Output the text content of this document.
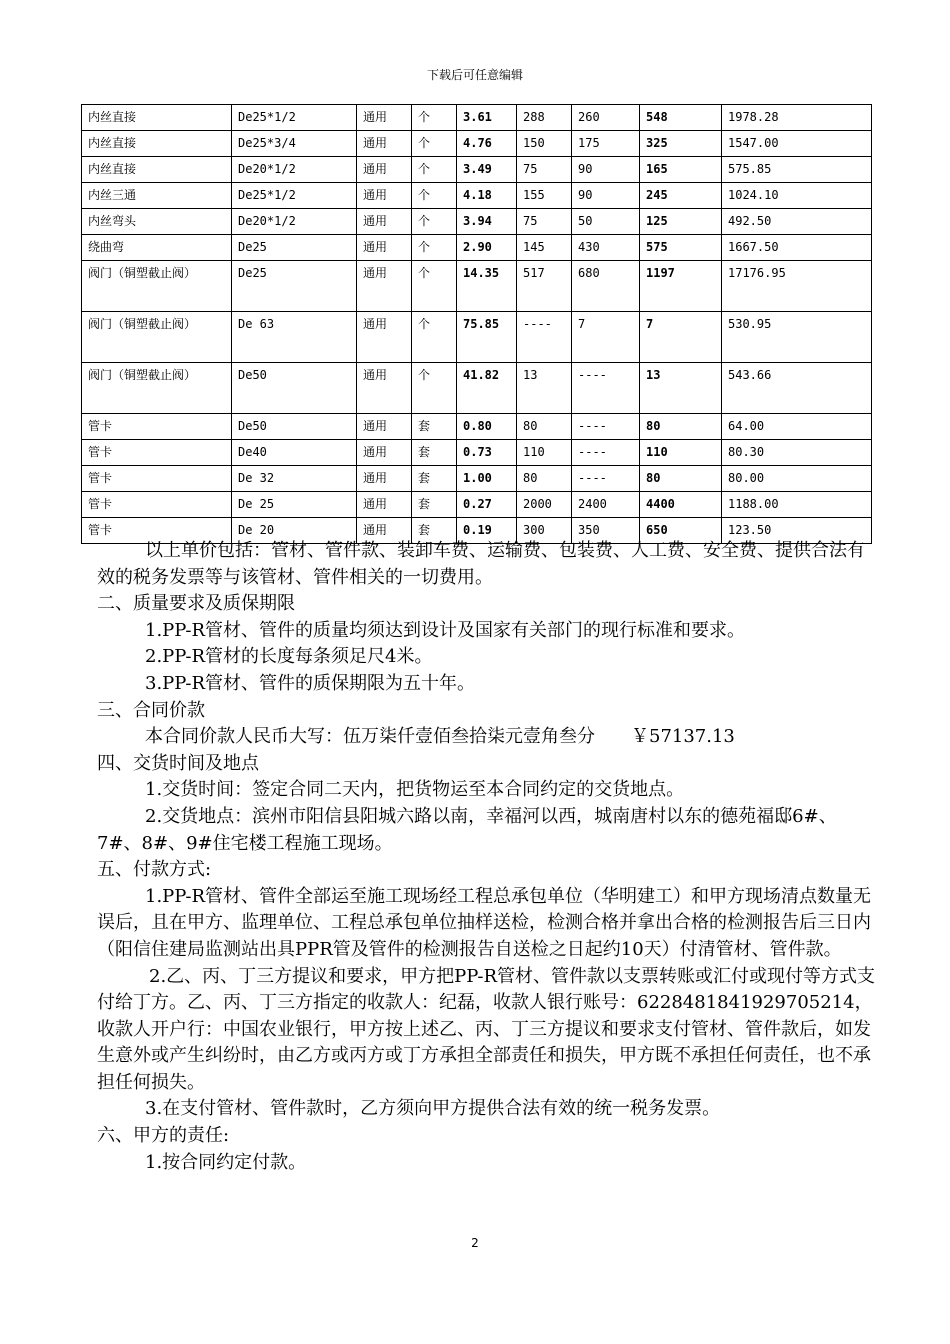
下载后可任意编辑
内丝直接	De25*1/2	通用	个	3.61	288	260	548	1978.28
内丝直接	De25*3/4	通用	个	4.76	150	175	325	1547.00
内丝直接	De20*1/2	通用	个	3.49	75	90	165	575.85
内丝三通	De25*1/2	通用	个	4.18	155	90	245	1024.10
内丝弯头	De20*1/2	通用	个	3.94	75	50	125	492.50
绕曲弯	De25	通用	个	2.90	145	430	575	1667.50
阀门（铜塑截止阀）	De25	通用	个	14.35	517	680	1197	17176.95
阀门（铜塑截止阀）	De 63	通用	个	75.85	----	7	7	530.95
阀门（铜塑截止阀）	De50	通用	个	41.82	13	----	13	543.66
管卡	De50	通用	套	0.80	80	----	80	64.00
管卡	De40	通用	套	0.73	110	----	110	80.30
管卡	De 32	通用	套	1.00	80	----	80	80.00
管卡	De 25	通用	套	0.27	2000	2400	4400	1188.00
管卡	De 20	通用	套	0.19	300	350	650	123.50

以上单价包括：管材、管件款、装卸车费、运输费、包装费、人工费、安全费、提供合法有效的税务发票等与该管材、管件相关的一切费用。

二、质量要求及质保期限

1.PP-R管材、管件的质量均须达到设计及国家有关部门的现行标准和要求。

2.PP-R管材的长度每条须足尺4米。

3.PP-R管材、管件的质保期限为五十年。

三、合同价款

本合同价款人民币大写：伍万柒仟壹佰叁拾柒元壹角叁分　　￥57137.13

四、交货时间及地点

1.交货时间：签定合同二天内，把货物运至本合同约定的交货地点。

2.交货地点：滨州市阳信县阳城六路以南，幸福河以西，城南唐村以东的德苑福邸6#、7#、8#、9#住宅楼工程施工现场。

五、付款方式:

1.PP-R管材、管件全部运至施工现场经工程总承包单位（华明建工）和甲方现场清点数量无误后，且在甲方、监理单位、工程总承包单位抽样送检，检测合格并拿出合格的检测报告后三日内（阳信住建局监测站出具PPR管及管件的检测报告自送检之日起约10天）付清管材、管件款。

2.乙、丙、丁三方提议和要求，甲方把PP-R管材、管件款以支票转账或汇付或现付等方式支付给丁方。乙、丙、丁三方指定的收款人：纪磊，收款人银行账号：6228481841929705214，收款人开户行：中国农业银行，甲方按上述乙、丙、丁三方提议和要求支付管材、管件款后，如发生意外或产生纠纷时，由乙方或丙方或丁方承担全部责任和损失，甲方既不承担任何责任，也不承担任何损失。

3.在支付管材、管件款时，乙方须向甲方提供合法有效的统一税务发票。

六、甲方的责任:

1.按合同约定付款。

2
